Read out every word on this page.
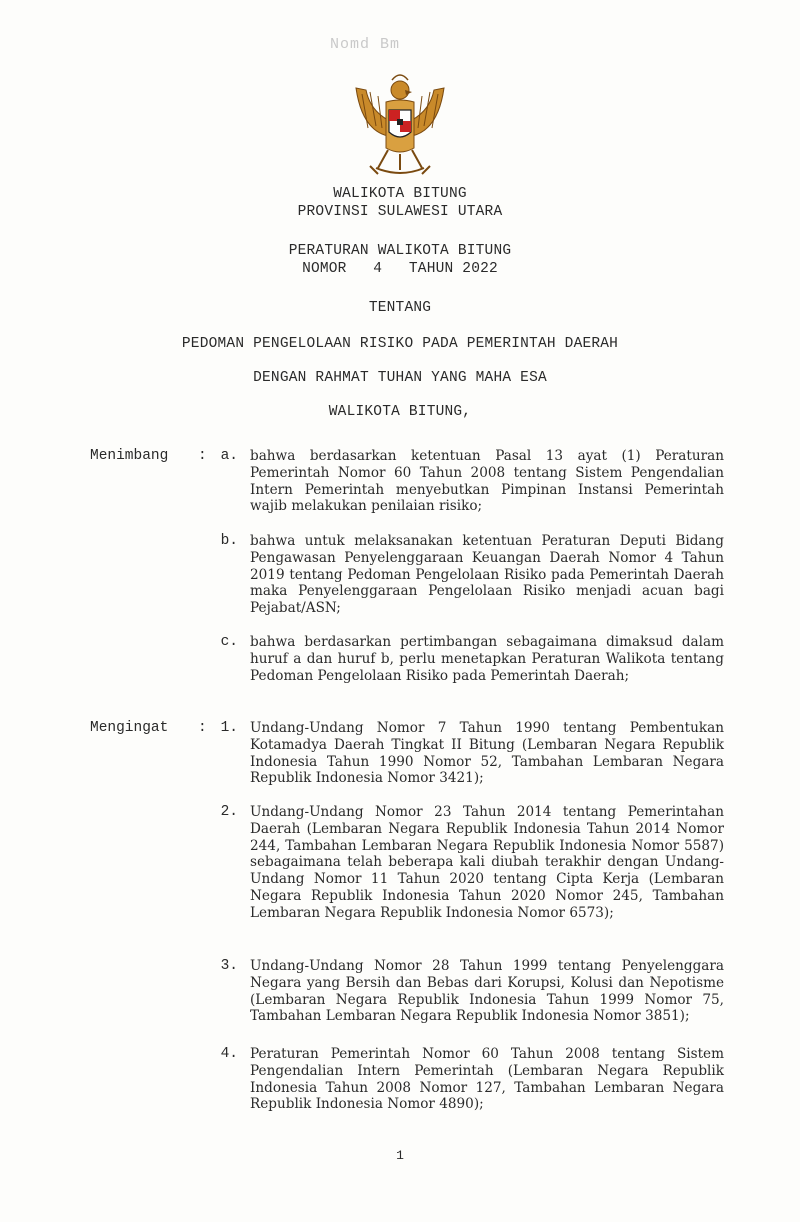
Nomd Bm
WALIKOTA BITUNG
PROVINSI SULAWESI UTARA
PERATURAN WALIKOTA BITUNG
NOMOR   4   TAHUN 2022
TENTANG
PEDOMAN PENGELOLAAN RISIKO PADA PEMERINTAH DAERAH
DENGAN RAHMAT TUHAN YANG MAHA ESA
WALIKOTA BITUNG,
Menimbang : a. bahwa berdasarkan ketentuan Pasal 13 ayat (1) Peraturan Pemerintah Nomor 60 Tahun 2008 tentang Sistem Pengendalian Intern Pemerintah menyebutkan Pimpinan Instansi Pemerintah wajib melakukan penilaian risiko;
b. bahwa untuk melaksanakan ketentuan Peraturan Deputi Bidang Pengawasan Penyelenggaraan Keuangan Daerah Nomor 4 Tahun 2019 tentang Pedoman Pengelolaan Risiko pada Pemerintah Daerah maka Penyelenggaraan Pengelolaan Risiko menjadi acuan bagi Pejabat/ASN;
c. bahwa berdasarkan pertimbangan sebagaimana dimaksud dalam huruf a dan huruf b, perlu menetapkan Peraturan Walikota tentang Pedoman Pengelolaan Risiko pada Pemerintah Daerah;
Mengingat : 1. Undang-Undang Nomor 7 Tahun 1990 tentang Pembentukan Kotamadya Daerah Tingkat II Bitung (Lembaran Negara Republik Indonesia Tahun 1990 Nomor 52, Tambahan Lembaran Negara Republik Indonesia Nomor 3421);
2. Undang-Undang Nomor 23 Tahun 2014 tentang Pemerintahan Daerah (Lembaran Negara Republik Indonesia Tahun 2014 Nomor 244, Tambahan Lembaran Negara Republik Indonesia Nomor 5587) sebagaimana telah beberapa kali diubah terakhir dengan Undang-Undang Nomor 11 Tahun 2020 tentang Cipta Kerja (Lembaran Negara Republik Indonesia Tahun 2020 Nomor 245, Tambahan Lembaran Negara Republik Indonesia Nomor 6573);
3. Undang-Undang Nomor 28 Tahun 1999 tentang Penyelenggara Negara yang Bersih dan Bebas dari Korupsi, Kolusi dan Nepotisme (Lembaran Negara Republik Indonesia Tahun 1999 Nomor 75, Tambahan Lembaran Negara Republik Indonesia Nomor 3851);
4. Peraturan Pemerintah Nomor 60 Tahun 2008 tentang Sistem Pengendalian Intern Pemerintah (Lembaran Negara Republik Indonesia Tahun 2008 Nomor 127, Tambahan Lembaran Negara Republik Indonesia Nomor 4890);
1
